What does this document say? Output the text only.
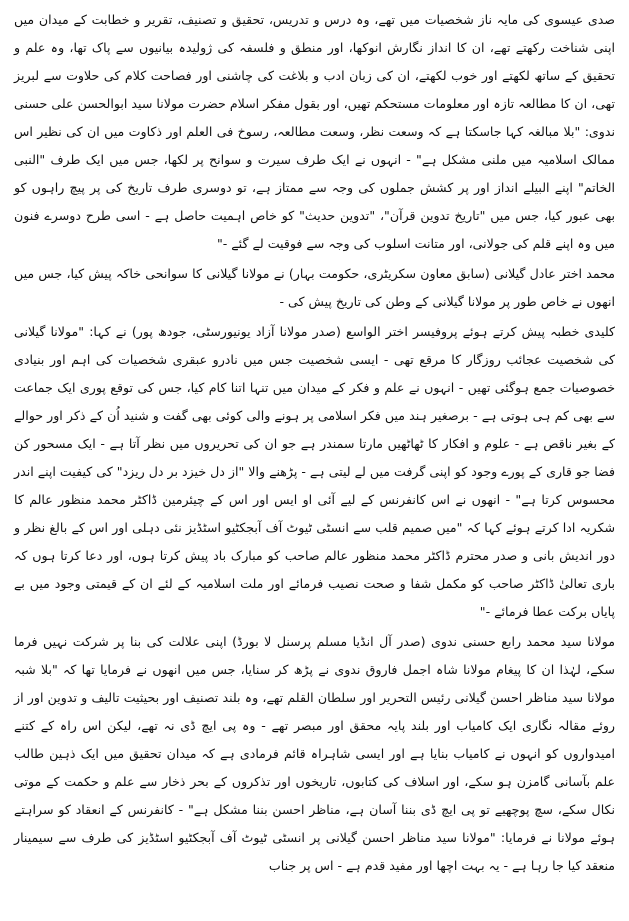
صدی عیسوی کی مایہ ناز شخصیات میں تھے، وہ درس و تدریس، تحقیق و تصنیف، تقریر و خطابت کے میدان میں اپنی شناخت رکھتے تھے، ان کا انداز نگارش انوکھا، اور منطق و فلسفہ کی ژولیدہ بیانیوں سے پاک تھا، وہ علم و تحقیق کے ساتھ لکھتے اور خوب لکھتے، ان کی زبان ادب و بلاغت کی چاشنی اور فصاحت کلام کی حلاوت سے لبریز تھی، ان کا مطالعہ تازہ اور معلومات مستحکم تھیں، اور بقول مفکر اسلام حضرت مولانا سید ابوالحسن علی حسنی ندوی: "بلا مبالغہ کہا جاسکتا ہے کہ وسعت نظر، وسعت مطالعہ، رسوخ فی العلم اور ذکاوت میں ان کی نظیر اس ممالک اسلامیہ میں ملنی مشکل ہے" - انہوں نے ایک طرف سیرت و سوانح پر لکھا، جس میں ایک طرف "النبی الخاتم" اپنے البیلے انداز اور پر کشش جملوں کی وجہ سے ممتاز ہے، تو دوسری طرف تاریخ کی پر پیچ راہوں کو بھی عبور کیا، جس میں "تاریخ تدوین قرآن"، "تدوین حدیث" کو خاص اہمیت حاصل ہے - اسی طرح دوسرے فنون میں وہ اپنے قلم کی جولانی، اور متانت اسلوب کی وجہ سے فوقیت لے گئے -"

محمد اختر عادل گیلانی (سابق معاون سکریٹری، حکومت بہار) نے مولانا گیلانی کا سوانحی خاکہ پیش کیا، جس میں انھوں نے خاص طور پر مولانا گیلانی کے وطن کی تاریخ پیش کی -

کلیدی خطبہ پیش کرتے ہوئے پروفیسر اختر الواسع (صدر مولانا آزاد یونیورسٹی، جودھ پور) نے کہا: "مولانا گیلانی کی شخصیت عجائب روزگار کا مرقع تھی - ایسی شخصیت جس میں نادرو عبقری شخصیات کی اہم اور بنیادی خصوصیات جمع ہوگئی تھیں - انہوں نے علم و فکر کے میدان میں تنہا اتنا کام کیا، جس کی توقع پوری ایک جماعت سے بھی کم ہی ہوتی ہے - برصغیر ہند میں فکر اسلامی پر ہونے والی کوئی بھی گفت و شنید اُن کے ذکر اور حوالے کے بغیر ناقص ہے - علوم و افکار کا ٹھاٹھیں مارتا سمندر ہے جو ان کی تحریروں میں نظر آتا ہے - ایک مسحور کن فضا جو قاری کے پورے وجود کو اپنی گرفت میں لے لیتی ہے - پڑھنے والا "از دل خیزد بر دل ریزد" کی کیفیت اپنے اندر محسوس کرتا ہے" - انھوں نے اس کانفرنس کے لیے آئی او ایس اور اس کے چیئرمین ڈاکٹر محمد منظور عالم کا شکریہ ادا کرتے ہوئے کہا کہ "میں صمیم قلب سے انسٹی ٹیوٹ آف آبجکٹیو اسٹڈیز نئی دہلی اور اس کے بالغ نظر و دور اندیش بانی و صدر محترم ڈاکٹر محمد منظور عالم صاحب کو مبارک باد پیش کرتا ہوں، اور دعا کرتا ہوں کہ باری تعالیٰ ڈاکٹر صاحب کو مکمل شفا و صحت نصیب فرمائے اور ملت اسلامیہ کے لئے ان کے قیمتی وجود میں بے پایاں برکت عطا فرمائے -"

مولانا سید محمد رابع حسنی ندوی (صدر آل انڈیا مسلم پرسنل لا بورڈ) اپنی علالت کی بنا پر شرکت نہیں فرما سکے، لہٰذا ان کا پیغام مولانا شاہ اجمل فاروق ندوی نے پڑھ کر سنایا، جس میں انھوں نے فرمایا تھا کہ "بلا شبہ مولانا سید مناظر احسن گیلانی رئیس التحریر اور سلطان القلم تھے، وہ بلند تصنیف اور بحیثیت تالیف و تدوین اور از روئے مقالہ نگاری ایک کامیاب اور بلند پایہ محقق اور مبصر تھے - وہ پی ایچ ڈی نہ تھے، لیکن اس راہ کے کتنے امیدواروں کو انہوں نے کامیاب بنایا ہے اور ایسی شاہراہ قائم فرمادی ہے کہ میدان تحقیق میں ایک ذہین طالب علم بآسانی گامزن ہو سکے، اور اسلاف کی کتابوں، تاریخوں اور تذکروں کے بحر ذخار سے علم و حکمت کے موتی نکال سکے، سچ پوچھیے تو پی ایچ ڈی بننا آسان ہے، مناظر احسن بننا مشکل ہے" - کانفرنس کے انعقاد کو سراہتے ہوئے مولانا نے فرمایا: "مولانا سید مناظر احسن گیلانی پر انسٹی ٹیوٹ آف آبجکٹیو اسٹڈیز کی طرف سے سیمینار منعقد کیا جا رہا ہے - یہ بہت اچھا اور مفید قدم ہے - اس پر جناب
